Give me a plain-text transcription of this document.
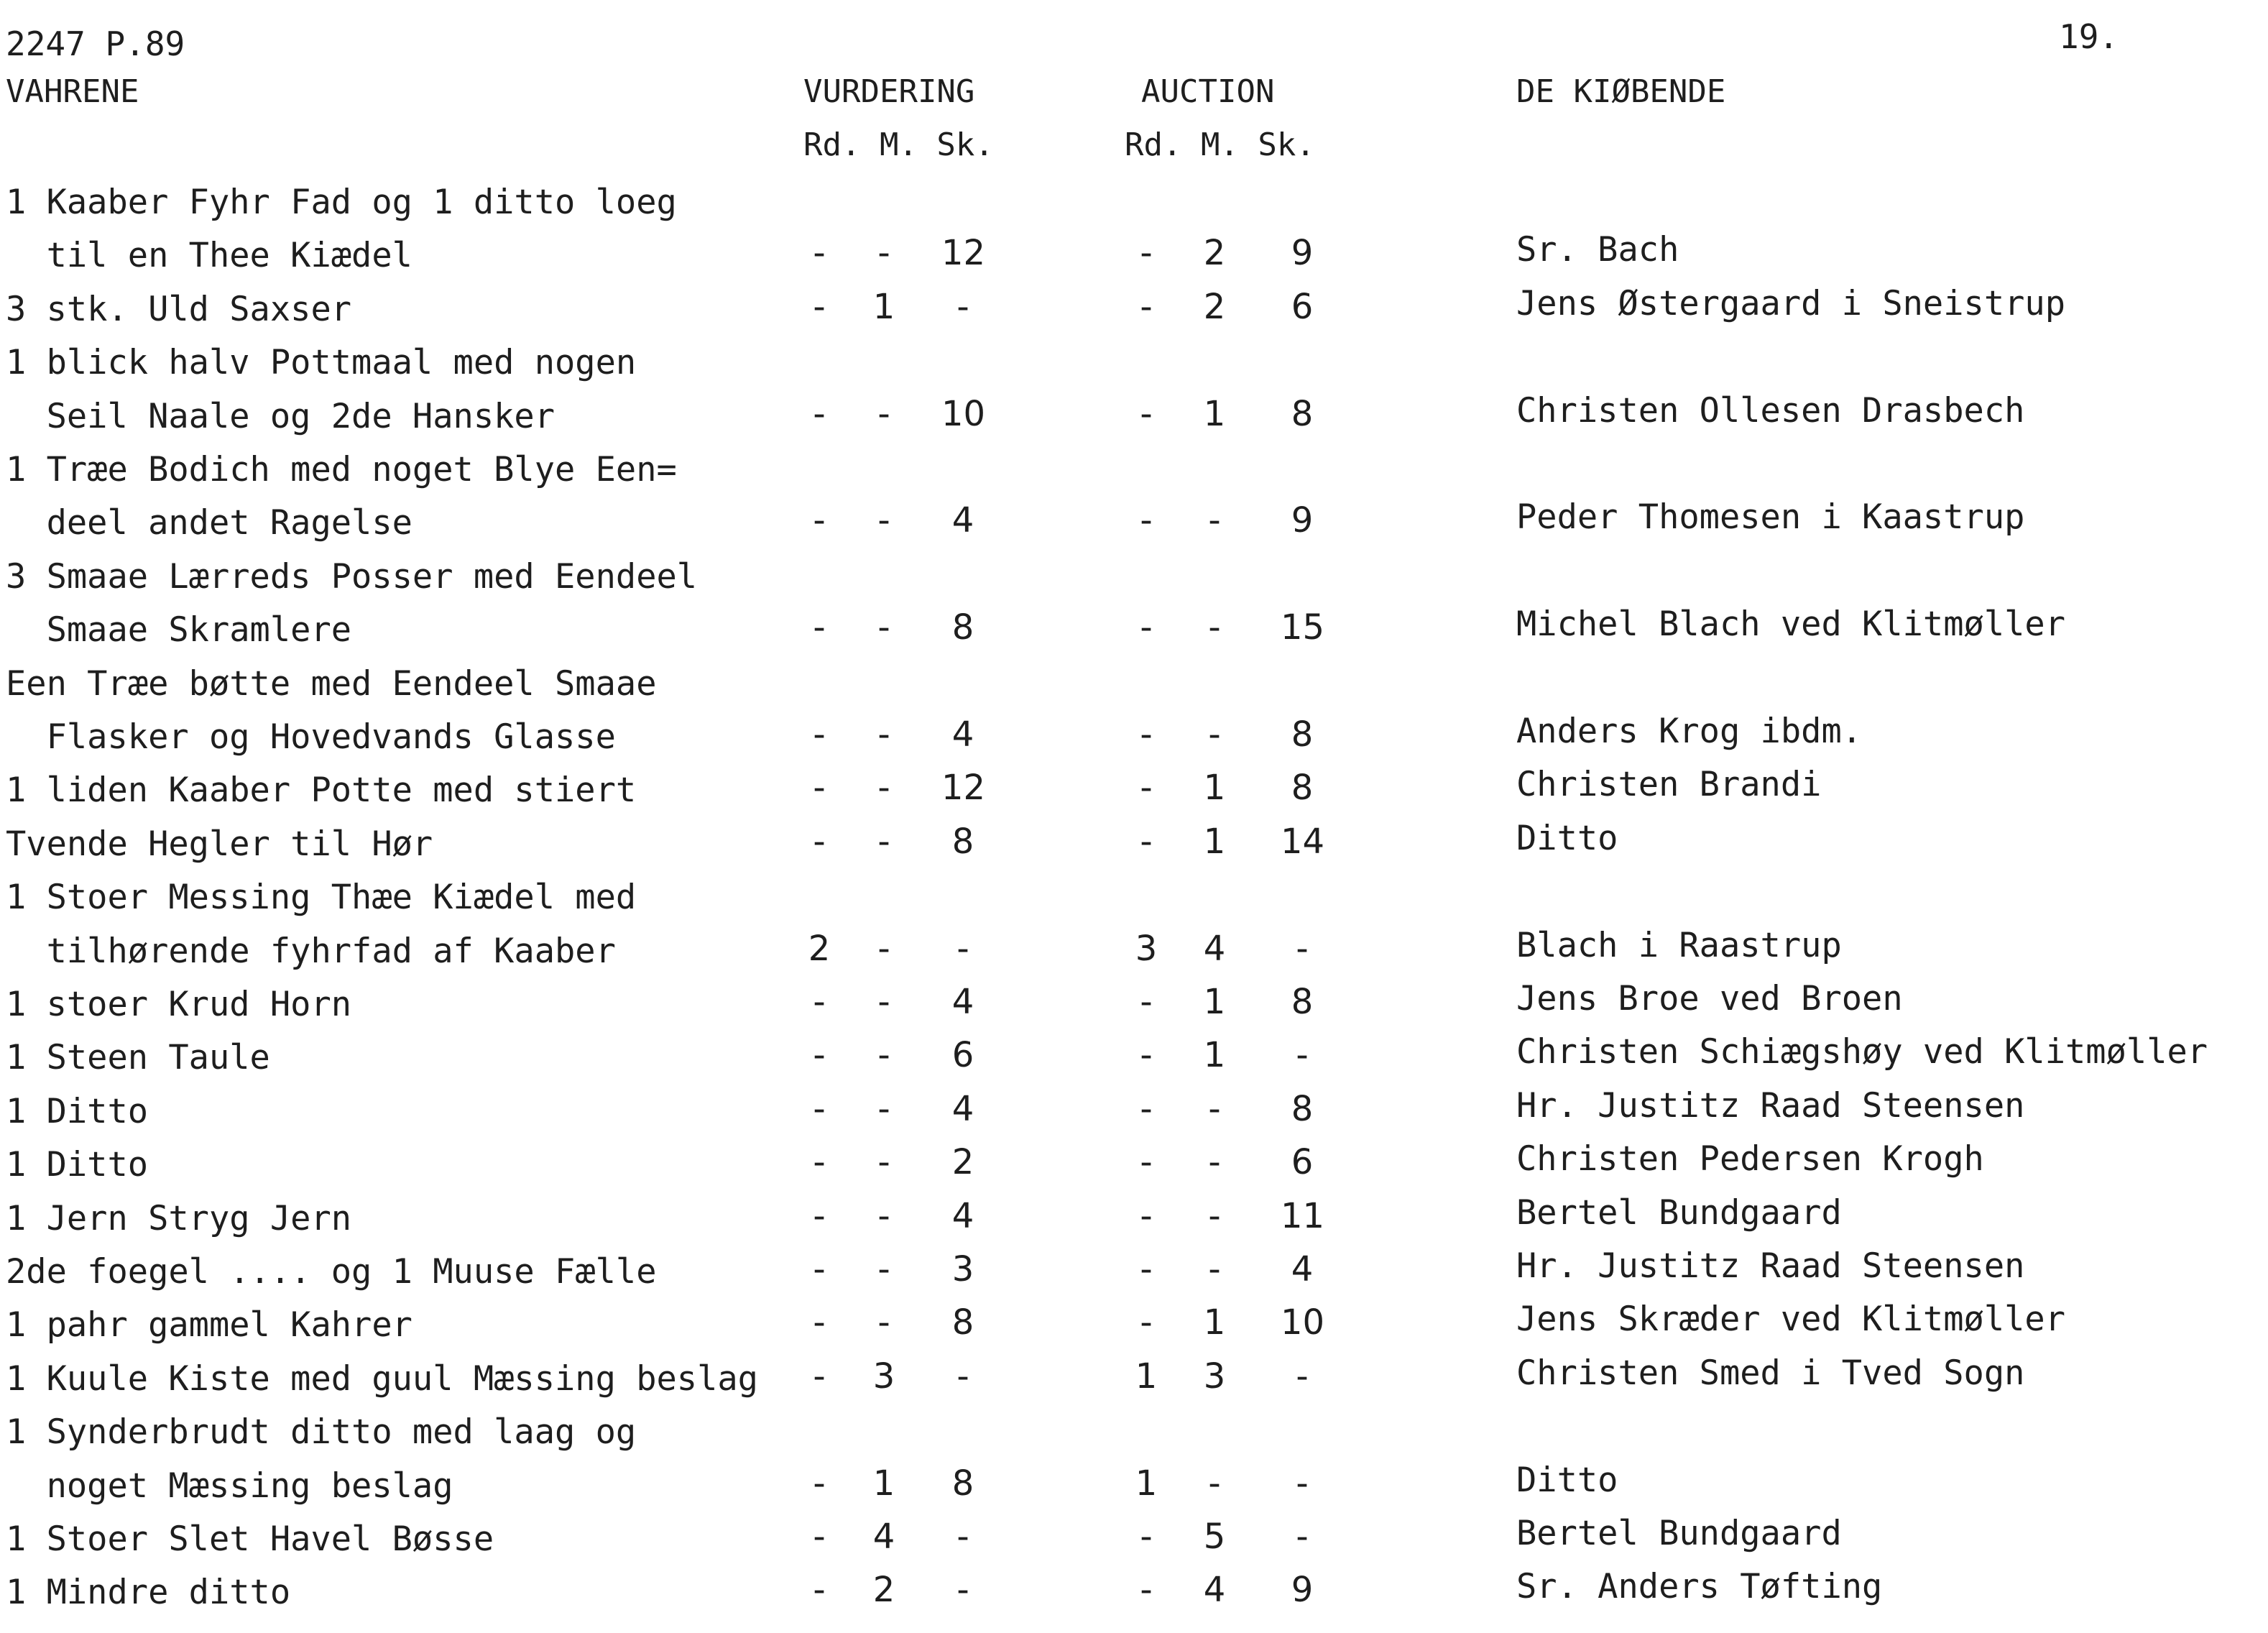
2247 P.89	19.
VAHRENE	VURDERING	AUCTION	DE KIØBENDE
Rd. M. Sk.	Rd. M. Sk.
1 Kaaber Fyhr Fad og 1 ditto loeg
til en Thee Kiædel	-	-	12	-	2	9	Sr. Bach
3 stk. Uld Saxser	-	1	-	-	2	6	Jens Østergaard i Sneistrup
1 blick halv Pottmaal med nogen
Seil Naale og 2de Hansker	-	-	10	-	1	8	Christen Ollesen Drasbech
1 Træe Bodich med noget Blye Een=
deel andet Ragelse	-	-	4	-	-	9	Peder Thomesen i Kaastrup
3 Smaae Lærreds Posser med Eendeel
Smaae Skramlere	-	-	8	-	-	15	Michel Blach ved Klitmøller
Een Træe bøtte med Eendeel Smaae
Flasker og Hovedvands Glasse	-	-	4	-	-	8	Anders Krog ibdm.
1 liden Kaaber Potte med stiert	-	-	12	-	1	8	Christen Brandi
Tvende Hegler til Hør	-	-	8	-	1	14	Ditto
1 Stoer Messing Thæe Kiædel med
tilhørende fyhrfad af Kaaber	2	-	-	3	4	-	Blach i Raastrup
1 stoer Krud Horn	-	-	4	-	1	8	Jens Broe ved Broen
1 Steen Taule	-	-	6	-	1	-	Christen Schiægshøy ved Klitmøller
1 Ditto	-	-	4	-	-	8	Hr. Justitz Raad Steensen
1 Ditto	-	-	2	-	-	6	Christen Pedersen Krogh
1 Jern Stryg Jern	-	-	4	-	-	11	Bertel Bundgaard
2de foegel .... og 1 Muuse Fælle	-	-	3	-	-	4	Hr. Justitz Raad Steensen
1 pahr gammel Kahrer	-	-	8	-	1	10	Jens Skræder ved Klitmøller
1 Kuule Kiste med guul Mæssing beslag	-	3	-	1	3	-	Christen Smed i Tved Sogn
1 Synderbrudt ditto med laag og
noget Mæssing beslag	-	1	8	1	-	-	Ditto
1 Stoer Slet Havel Bøsse	-	4	-	-	5	-	Bertel Bundgaard
1 Mindre ditto	-	2	-	-	4	9	Sr. Anders Tøfting
